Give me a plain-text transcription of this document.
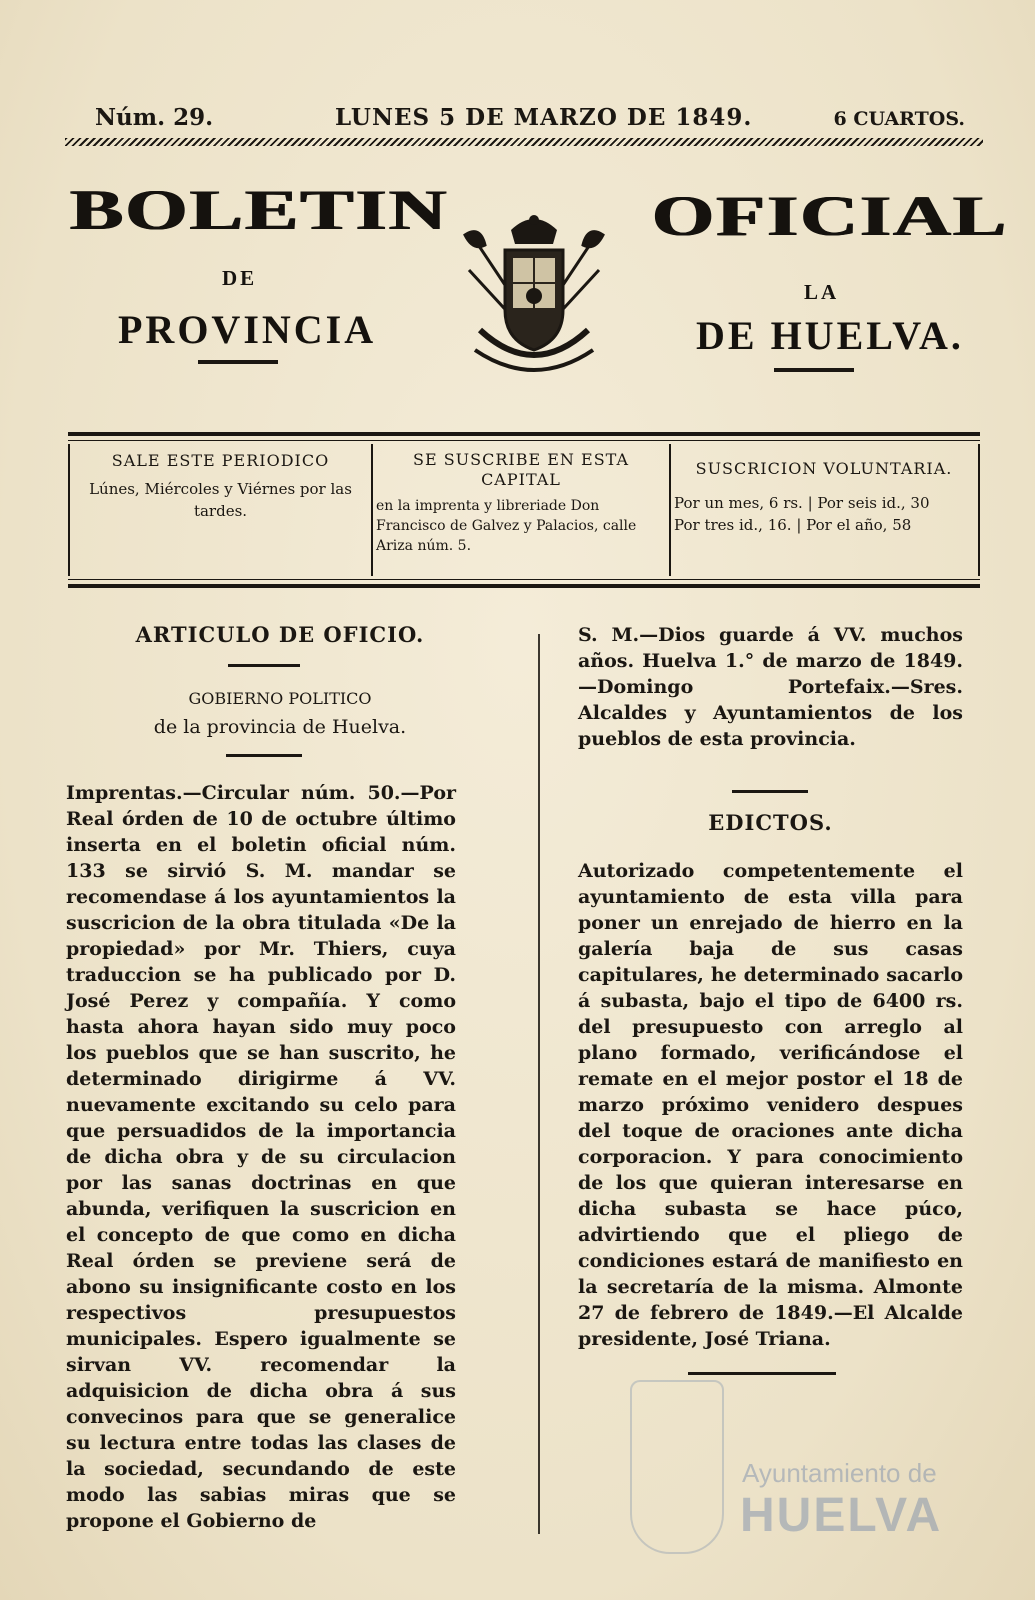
Núm. 29.	LUNES 5 DE MARZO DE 1849.	6 CUARTOS.
BOLETIN
DE
PROVINCIA
OFICIAL
LA
DE HUELVA.
SALE ESTE PERIODICO
Lúnes, Miércoles y Viérnes por las tardes.
SE SUSCRIBE EN ESTA CAPITAL
en la imprenta y libreriade Don Francisco de Galvez y Palacios, calle Ariza núm. 5.
SUSCRICION VOLUNTARIA.
Por un mes, 6 rs. | Por seis id., 30
Por tres id., 16. | Por el año, 58
ARTICULO DE OFICIO.
GOBIERNO POLITICO
de la provincia de Huelva.
Imprentas.—Circular núm. 50.—Por Real órden de 10 de octubre último inserta en el boletin oficial núm. 133 se sirvió S. M. mandar se recomendase á los ayuntamientos la suscricion de la obra titulada «De la propiedad» por Mr. Thiers, cuya traduccion se ha publicado por D. José Perez y compañía. Y como hasta ahora hayan sido muy poco los pueblos que se han suscrito, he determinado dirigirme á VV. nuevamente excitando su celo para que persuadidos de la importancia de dicha obra y de su circulacion por las sanas doctrinas en que abunda, verifiquen la suscricion en el concepto de que como en dicha Real órden se previene será de abono su insignificante costo en los respectivos presupuestos municipales. Espero igualmente se sirvan VV. recomendar la adquisicion de dicha obra á sus convecinos para que se generalice su lectura entre todas las clases de la sociedad, secundando de este modo las sabias miras que se propone el Gobierno de
S. M.—Dios guarde á VV. muchos años. Huelva 1.° de marzo de 1849. —Domingo Portefaix.—Sres. Alcaldes y Ayuntamientos de los pueblos de esta provincia.
EDICTOS.
Autorizado competentemente el ayuntamiento de esta villa para poner un enrejado de hierro en la galería baja de sus casas capitulares, he determinado sacarlo á subasta, bajo el tipo de 6400 rs. del presupuesto con arreglo al plano formado, verificándose el remate en el mejor postor el 18 de marzo próximo venidero despues del toque de oraciones ante dicha corporacion. Y para conocimiento de los que quieran interesarse en dicha subasta se hace púco, advirtiendo que el pliego de condiciones estará de manifiesto en la secretaría de la misma. Almonte 27 de febrero de 1849.—El Alcalde presidente, José Triana.
Ayuntamiento de
HUELVA
